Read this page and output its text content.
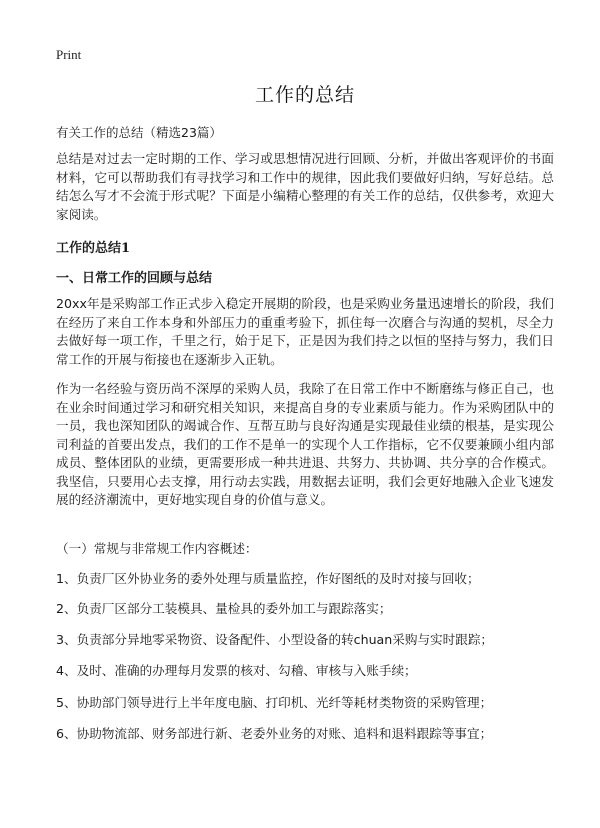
Print
工作的总结
有关工作的总结（精选23篇）

总结是对过去一定时期的工作、学习或思想情况进行回顾、分析，并做出客观评价的书面材料，它可以帮助我们有寻找学习和工作中的规律，因此我们要做好归纳，写好总结。总结怎么写才不会流于形式呢？下面是小编精心整理的有关工作的总结，仅供参考，欢迎大家阅读。

工作的总结1
一、日常工作的回顾与总结

20xx年是采购部工作正式步入稳定开展期的阶段，也是采购业务量迅速增长的阶段，我们在经历了来自工作本身和外部压力的重重考验下，抓住每一次磨合与沟通的契机，尽全力去做好每一项工作，千里之行，始于足下，正是因为我们持之以恒的坚持与努力，我们日常工作的开展与衔接也在逐渐步入正轨。

作为一名经验与资历尚不深厚的采购人员，我除了在日常工作中不断磨练与修正自己，也在业余时间通过学习和研究相关知识，来提高自身的专业素质与能力。作为采购团队中的一员，我也深知团队的竭诚合作、互帮互助与良好沟通是实现最佳业绩的根基，是实现公司利益的首要出发点，我们的工作不是单一的实现个人工作指标，它不仅要兼顾小组内部成员、整体团队的业绩，更需要形成一种共进退、共努力、共协调、共分享的合作模式。我坚信，只要用心去支撑，用行动去实践，用数据去证明，我们会更好地融入企业飞速发展的经济潮流中，更好地实现自身的价值与意义。

（一）常规与非常规工作内容概述：
1、负责厂区外协业务的委外处理与质量监控，作好图纸的及时对接与回收；
2、负责厂区部分工装模具、量检具的委外加工与跟踪落实；
3、负责部分异地零采物资、设备配件、小型设备的转chuan采购与实时跟踪；
4、及时、准确的办理每月发票的核对、勾稽、审核与入账手续；
5、协助部门领导进行上半年度电脑、打印机、光纤等耗材类物资的采购管理；
6、协助物流部、财务部进行新、老委外业务的对账、追料和退料跟踪等事宜；
